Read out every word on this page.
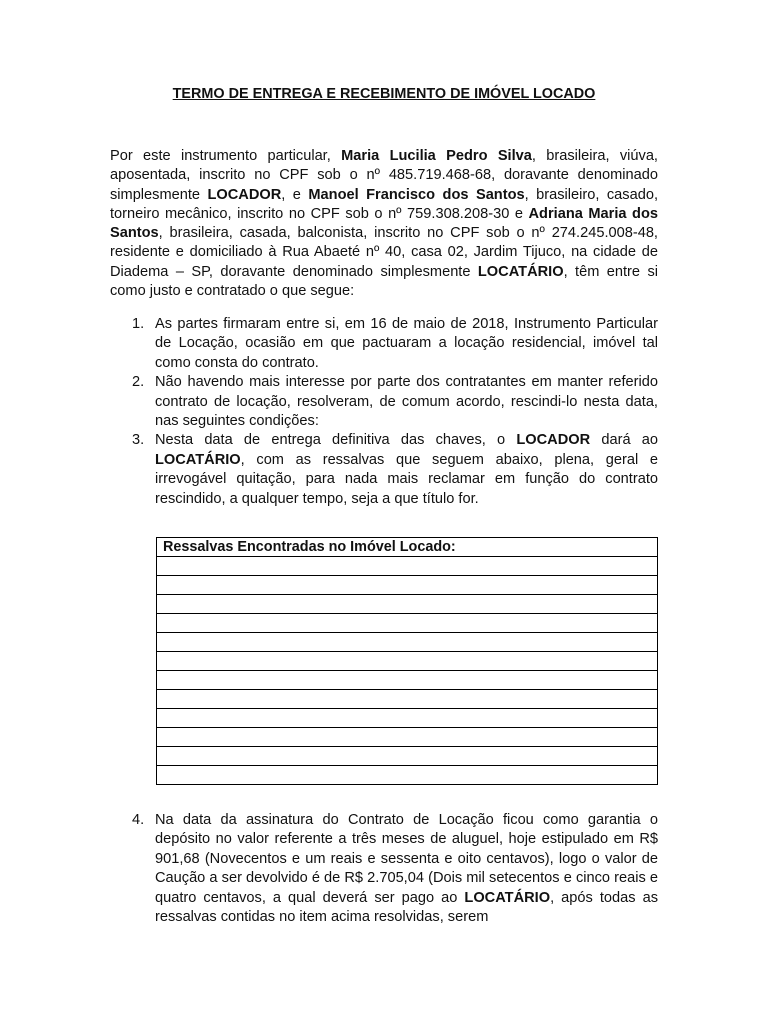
TERMO DE ENTREGA E RECEBIMENTO DE IMÓVEL LOCADO

Por este instrumento particular, Maria Lucilia Pedro Silva, brasileira, viúva, aposentada, inscrito no CPF sob o nº 485.719.468-68, doravante denominado simplesmente LOCADOR, e Manoel Francisco dos Santos, brasileiro, casado, torneiro mecânico, inscrito no CPF sob o nº 759.308.208-30 e Adriana Maria dos Santos, brasileira, casada, balconista, inscrito no CPF sob o nº 274.245.008-48, residente e domiciliado à Rua Abaeté nº 40, casa 02, Jardim Tijuco, na cidade de Diadema – SP, doravante denominado simplesmente LOCATÁRIO, têm entre si como justo e contratado o que segue:

1. As partes firmaram entre si, em 16 de maio de 2018, Instrumento Particular de Locação, ocasião em que pactuaram a locação residencial, imóvel tal como consta do contrato.
2. Não havendo mais interesse por parte dos contratantes em manter referido contrato de locação, resolveram, de comum acordo, rescindi-lo nesta data, nas seguintes condições:
3. Nesta data de entrega definitiva das chaves, o LOCADOR dará ao LOCATÁRIO, com as ressalvas que seguem abaixo, plena, geral e irrevogável quitação, para nada mais reclamar em função do contrato rescindido, a qualquer tempo, seja a que título for.
Ressalvas Encontradas no Imóvel Locado:

4. Na data da assinatura do Contrato de Locação ficou como garantia o depósito no valor referente a três meses de aluguel, hoje estipulado em R$ 901,68 (Novecentos e um reais e sessenta e oito centavos), logo o valor de Caução a ser devolvido é de R$ 2.705,04 (Dois mil setecentos e cinco reais e quatro centavos, a qual deverá ser pago ao LOCATÁRIO, após todas as ressalvas contidas no item acima resolvidas, serem
